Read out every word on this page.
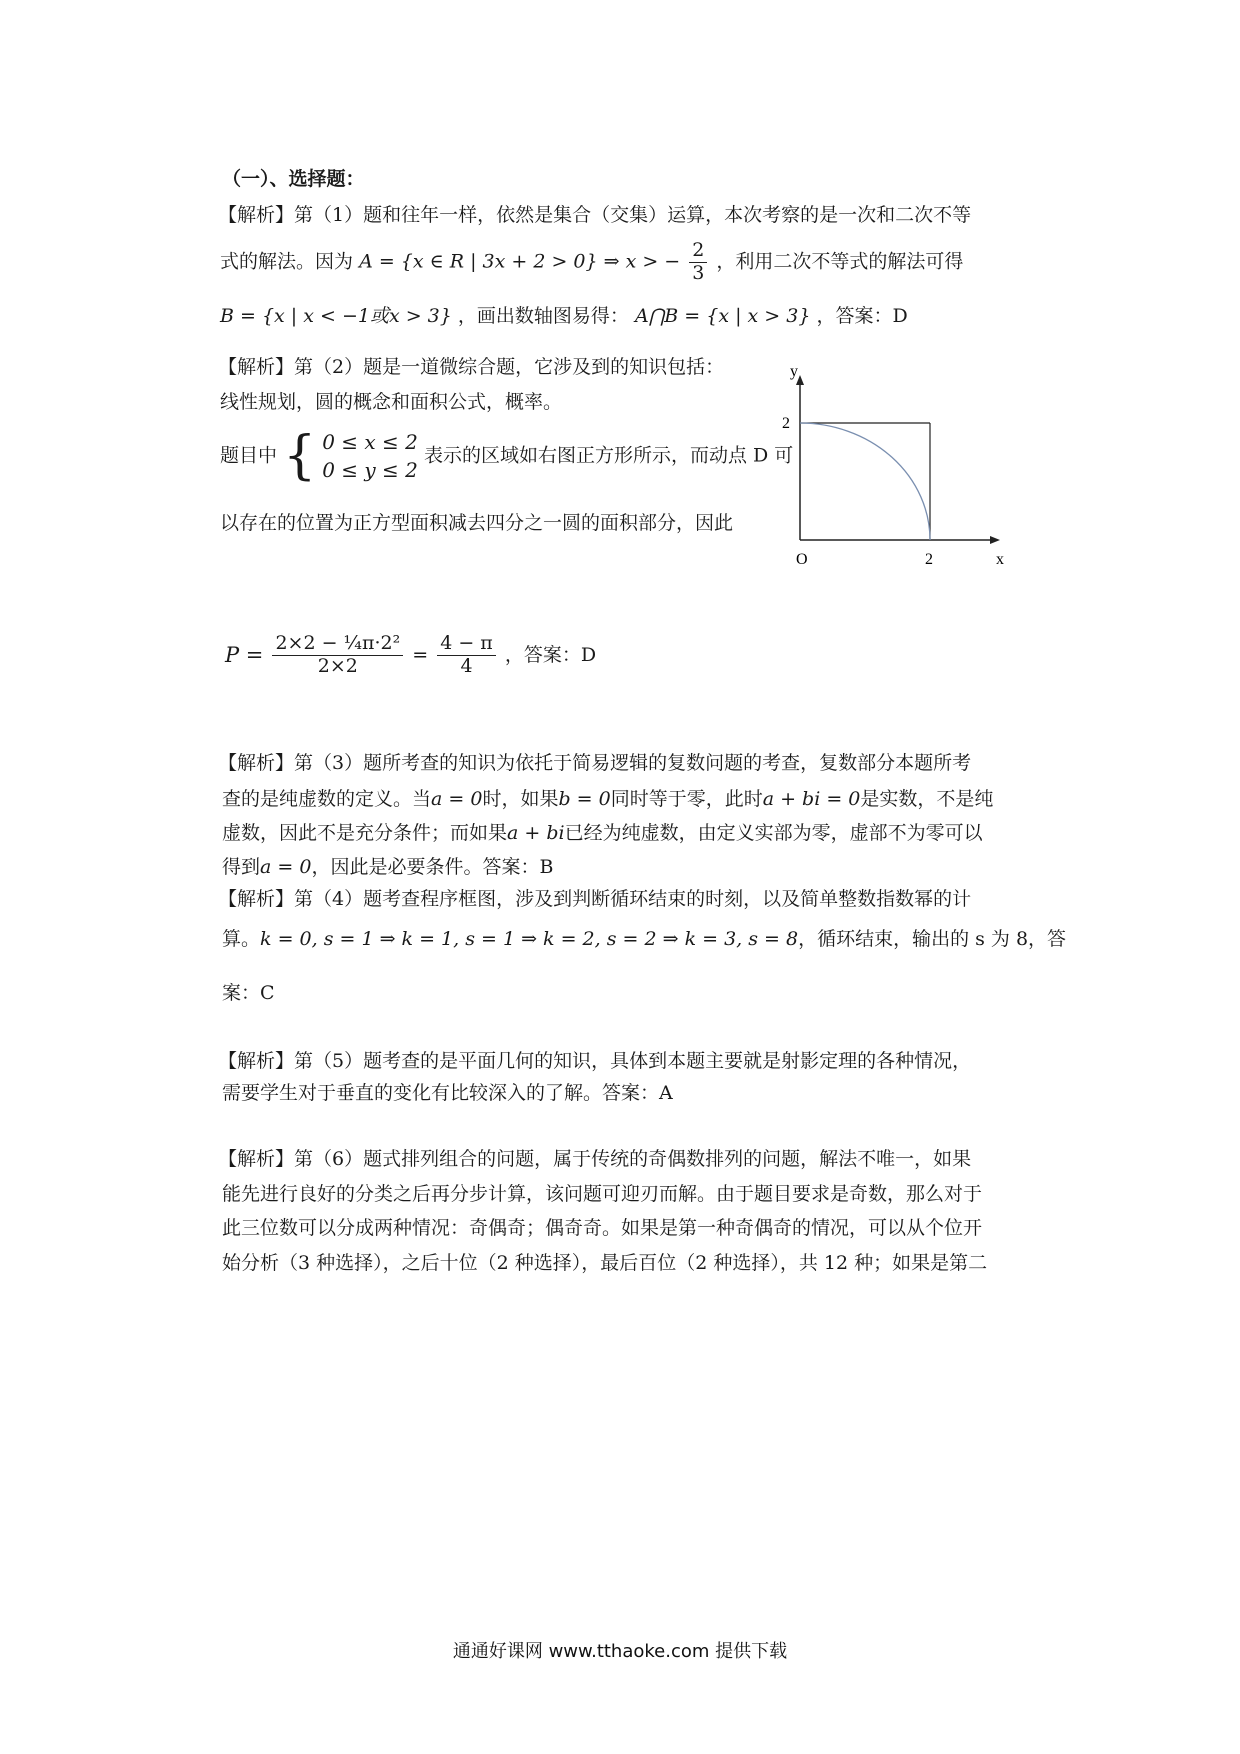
（一）、选择题：
【解析】第（1）题和往年一样，依然是集合（交集）运算，本次考察的是一次和二次不等
式的解法。因为 A = {x ∈ R | 3x + 2 > 0} ⇒ x > − $\frac{2}{3}$ ，利用二次不等式的解法可得
B = {x | x < −1或x > 3} ，画出数轴图易得： A⋂B = {x | x > 3} ，答案：D
【解析】第（2）题是一道微综合题，它涉及到的知识包括：
线性规划，圆的概念和面积公式，概率。
题目中 { 0 ≤ x ≤ 2
0 ≤ y ≤ 2
表示的区域如右图正方形所示，而动点 D 可
以存在的位置为正方型面积减去四分之一圆的面积部分，因此
y
x
O
2
2
$P = \frac{\text{2×2 − ¼π·2²}}{2\times 2} = \frac{4 - \pi}{4}$ ，答案：D
【解析】第（3）题所考查的知识为依托于简易逻辑的复数问题的考查，复数部分本题所考
查的是纯虚数的定义。当a = 0时，如果b = 0同时等于零，此时a + bi = 0是实数，不是纯
虚数，因此不是充分条件；而如果a + bi已经为纯虚数，由定义实部为零，虚部不为零可以
得到a = 0，因此是必要条件。答案：B
【解析】第（4）题考查程序框图，涉及到判断循环结束的时刻，以及简单整数指数幂的计
算。k = 0, s = 1 ⇒ k = 1, s = 1 ⇒ k = 2, s = 2 ⇒ k = 3, s = 8，循环结束，输出的 s 为 8，答
案：C
【解析】第（5）题考查的是平面几何的知识，具体到本题主要就是射影定理的各种情况，
需要学生对于垂直的变化有比较深入的了解。答案：A
【解析】第（6）题式排列组合的问题，属于传统的奇偶数排列的问题，解法不唯一，如果
能先进行良好的分类之后再分步计算，该问题可迎刃而解。由于题目要求是奇数，那么对于
此三位数可以分成两种情况：奇偶奇；偶奇奇。如果是第一种奇偶奇的情况，可以从个位开
始分析（3 种选择），之后十位（2 种选择），最后百位（2 种选择），共 12 种；如果是第二
通通好课网 www.tthaoke.com 提供下载
